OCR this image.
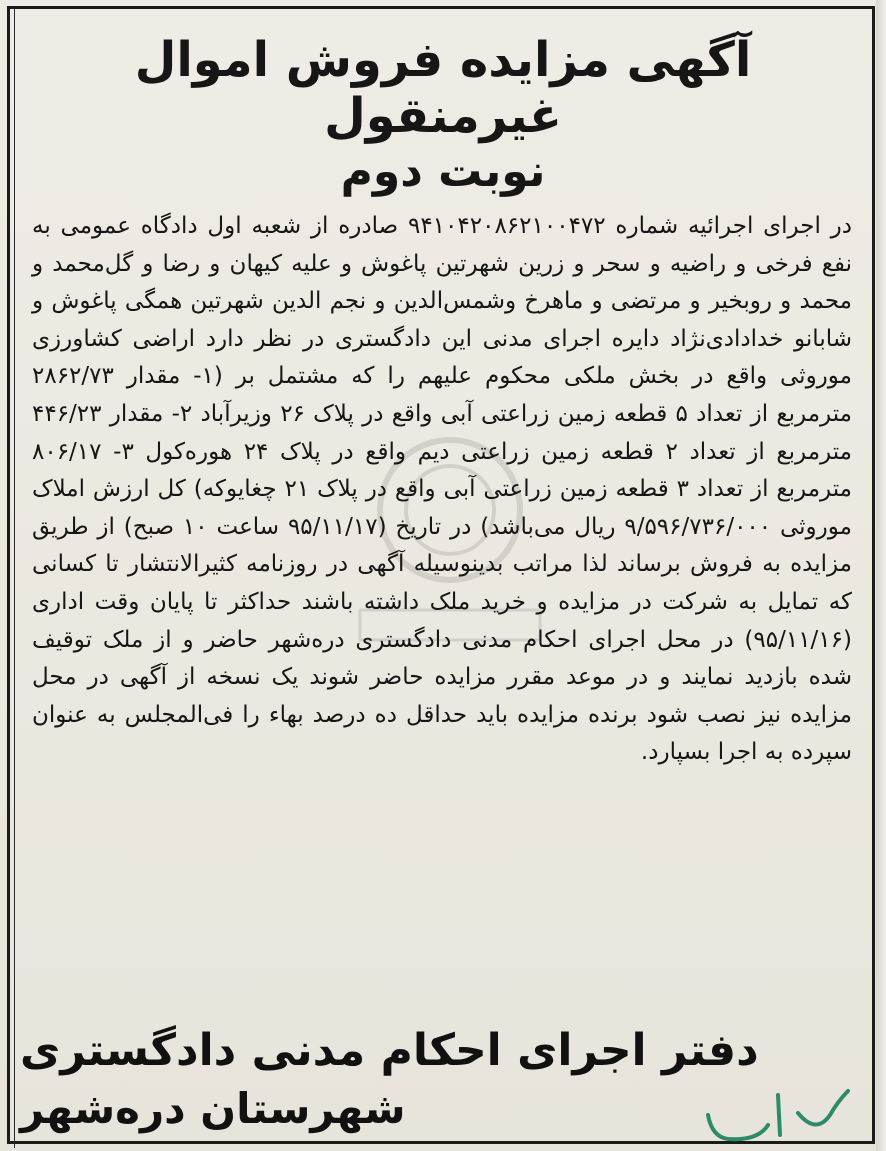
آگهی مزایده فروش اموال غیرمنقول
نوبت دوم

در اجرای اجرائیه شماره ۹۴۱۰۴۲۰۸۶۲۱۰۰۴۷۲ صادره از شعبه اول دادگاه عمومی به نفع فرخی و راضیه و سحر و زرین شهرتین پاغوش و علیه کیهان و رضا و گل‌محمد و محمد و روبخیر و مرتضی و ماهرخ وشمس‌الدین و نجم الدین شهرتین همگی پاغوش و شابانو خدادادی‌نژاد دایره اجرای مدنی این دادگستری در نظر دارد اراضی کشاورزی موروثی واقع در بخش ملکی محکوم علیهم را که مشتمل بر (۱- مقدار ۲۸۶۲/۷۳ مترمربع از تعداد ۵ قطعه زمین زراعتی آبی واقع در پلاک ۲۶ وزیرآباد ۲- مقدار ۴۴۶/۲۳ مترمربع از تعداد ۲ قطعه زمین زراعتی دیم واقع در پلاک ۲۴ هوره‌کول ۳- ۸۰۶/۱۷ مترمربع از تعداد ۳ قطعه زمین زراعتی آبی واقع در پلاک ۲۱ چغایوکه) کل ارزش املاک موروثی ۹/۵۹۶/۷۳۶/۰۰۰ ریال می‌باشد) در تاریخ (۹۵/۱۱/۱۷ ساعت ۱۰ صبح) از طریق مزایده به فروش برساند لذا مراتب بدینوسیله آگهی در روزنامه کثیرالانتشار تا کسانی که تمایل به شرکت در مزایده و خرید ملک داشته باشند حداکثر تا پایان وقت اداری (۹۵/۱۱/۱۶) در محل اجرای احکام مدنی دادگستری دره‌شهر حاضر و از ملک توقیف شده بازدید نمایند و در موعد مقرر مزایده حاضر شوند یک نسخه از آگهی در محل مزایده نیز نصب شود برنده مزایده باید حداقل ده درصد بهاء را فی‌المجلس به عنوان سپرده به اجرا بسپارد.

دفتر اجرای احکام مدنی دادگستری

شهرستان دره‌شهر
